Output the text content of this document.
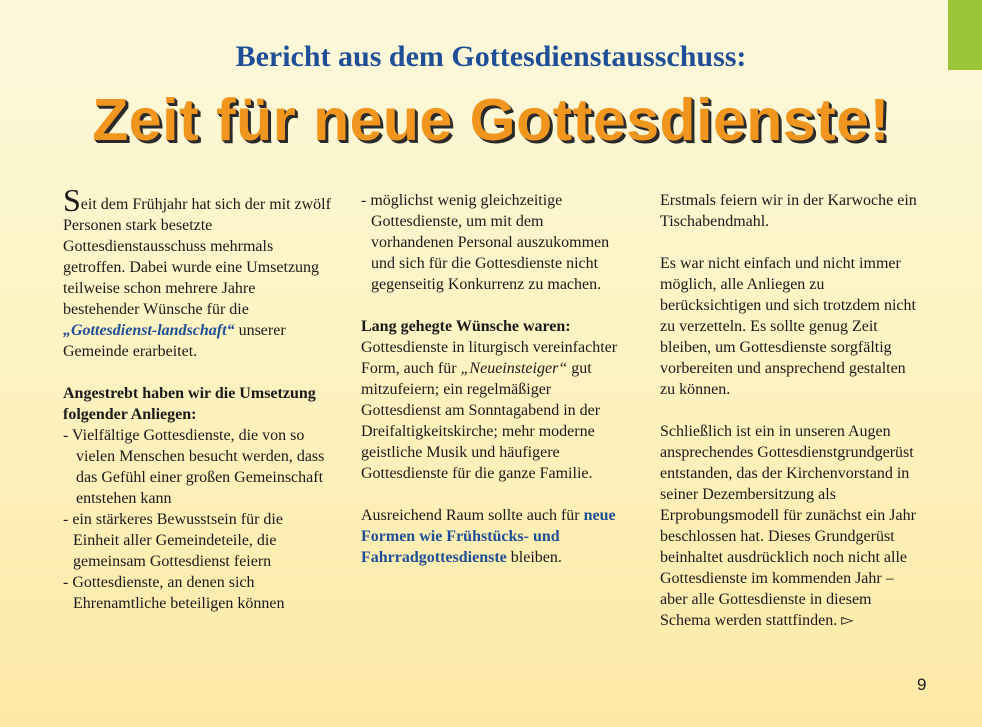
Bericht aus dem Gottesdienstausschuss:
Zeit für neue Gottesdienste!

Seit dem Frühjahr hat sich der mit zwölf Personen stark besetzte Gottesdienstausschuss mehrmals getroffen. Dabei wurde eine Umsetzung teilweise schon mehrere Jahre bestehender Wünsche für die „Gottesdienst-landschaft“ unserer Gemeinde erarbeitet.

Angestrebt haben wir die Umsetzung folgender Anliegen:

- Vielfältige Gottesdienste, die von so vielen Menschen besucht werden, dass das Gefühl einer großen Gemeinschaft entstehen kann

- ein stärkeres Bewusstsein für die Einheit aller Gemeindeteile, die gemeinsam Gottesdienst feiern

- Gottesdienste, an denen sich Ehrenamtliche beteiligen können

- möglichst wenig gleichzeitige Gottesdienste, um mit dem vorhandenen Personal auszukommen und sich für die Gottesdienste nicht gegenseitig Konkurrenz zu machen.

Lang gehegte Wünsche waren:

Gottesdienste in liturgisch vereinfachter Form, auch für „Neueinsteiger“ gut mitzufeiern; ein regelmäßiger Gottesdienst am Sonntagabend in der Dreifaltigkeitskirche; mehr moderne geistliche Musik und häufigere Gottesdienste für die ganze Familie.

Ausreichend Raum sollte auch für neue Formen wie Frühstücks- und Fahrradgottesdienste bleiben.

Erstmals feiern wir in der Karwoche ein Tischabendmahl.

Es war nicht einfach und nicht immer möglich, alle Anliegen zu berücksichtigen und sich trotzdem nicht zu verzetteln. Es sollte genug Zeit bleiben, um Gottesdienste sorgfältig vorbereiten und ansprechend gestalten zu können.

Schließlich ist ein in unseren Augen ansprechendes Gottesdienstgrundgerüst entstanden, das der Kirchenvorstand in seiner Dezembersitzung als Erprobungsmodell für zunächst ein Jahr beschlossen hat. Dieses Grundgerüst beinhaltet ausdrücklich noch nicht alle Gottesdienste im kommenden Jahr – aber alle Gottesdienste in diesem Schema werden stattfinden. ▻

9
